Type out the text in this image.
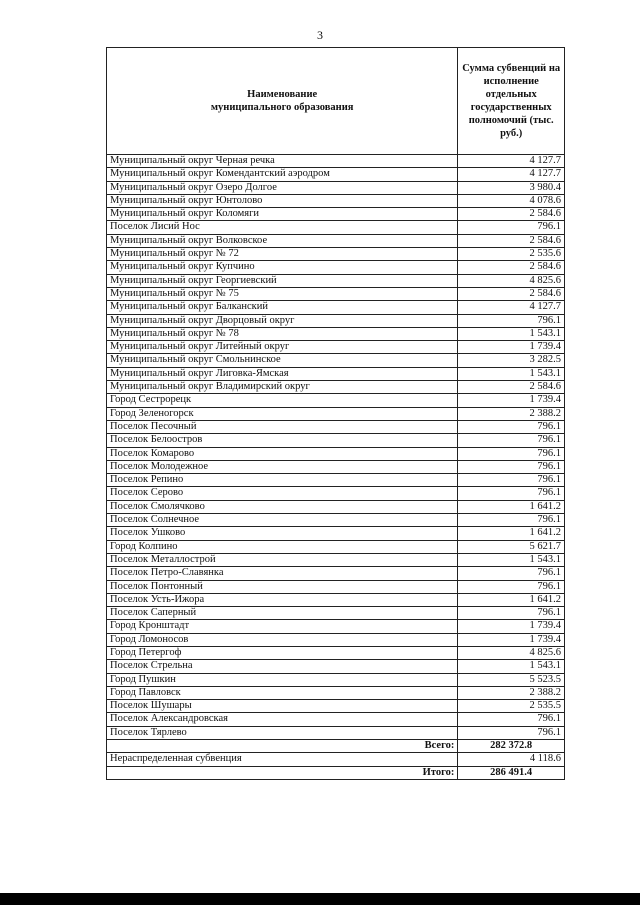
3
Наименование
муниципального образования	Сумма субвенций на исполнение отдельных государственных полномочий (тыс. руб.)
Муниципальный округ Черная речка	4 127.7
Муниципальный округ Комендантский аэродром	4 127.7
Муниципальный округ Озеро Долгое	3 980.4
Муниципальный округ Юнтолово	4 078.6
Муниципальный округ Коломяги	2 584.6
Поселок Лисий Нос	796.1
Муниципальный округ Волковское	2 584.6
Муниципальный округ № 72	2 535.6
Муниципальный округ Купчино	2 584.6
Муниципальный округ Георгиевский	4 825.6
Муниципальный округ № 75	2 584.6
Муниципальный округ Балканский	4 127.7
Муниципальный округ Дворцовый округ	796.1
Муниципальный округ № 78	1 543.1
Муниципальный округ Литейный округ	1 739.4
Муниципальный округ Смольнинское	3 282.5
Муниципальный округ Лиговка-Ямская	1 543.1
Муниципальный округ Владимирский округ	2 584.6
Город Сестрорецк	1 739.4
Город Зеленогорск	2 388.2
Поселок Песочный	796.1
Поселок Белоостров	796.1
Поселок Комарово	796.1
Поселок Молодежное	796.1
Поселок Репино	796.1
Поселок Серово	796.1
Поселок Смолячково	1 641.2
Поселок Солнечное	796.1
Поселок Ушково	1 641.2
Город Колпино	5 621.7
Поселок Металлострой	1 543.1
Поселок Петро-Славянка	796.1
Поселок Понтонный	796.1
Поселок Усть-Ижора	1 641.2
Поселок Саперный	796.1
Город Кронштадт	1 739.4
Город Ломоносов	1 739.4
Город Петергоф	4 825.6
Поселок Стрельна	1 543.1
Город Пушкин	5 523.5
Город Павловск	2 388.2
Поселок Шушары	2 535.5
Поселок Александровская	796.1
Поселок Тярлево	796.1
Всего:	282 372.8
Нераспределенная субвенция	4 118.6
Итого:	286 491.4
